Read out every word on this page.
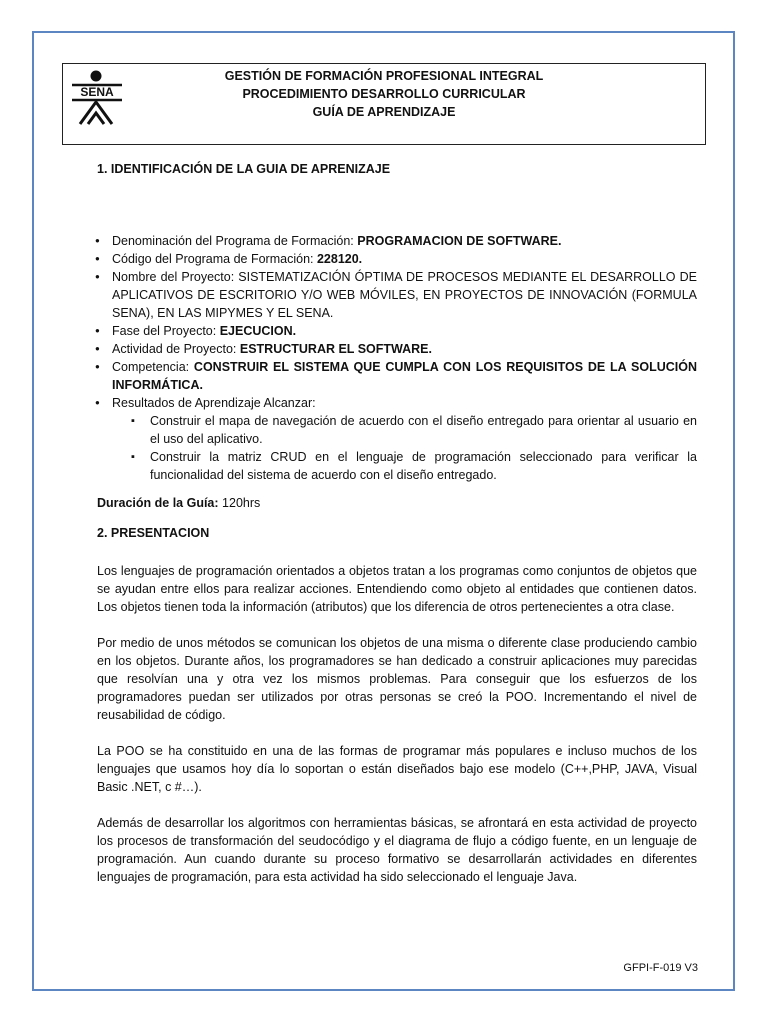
SENA
GESTIÓN DE FORMACIÓN PROFESIONAL INTEGRAL
PROCEDIMIENTO DESARROLLO CURRICULAR
GUÍA DE APRENDIZAJE

1. IDENTIFICACIÓN DE LA GUIA DE APRENIZAJE

● Denominación del Programa de Formación: PROGRAMACION DE SOFTWARE.
● Código del Programa de Formación: 228120.
● Nombre del Proyecto: SISTEMATIZACIÓN ÓPTIMA DE PROCESOS MEDIANTE EL DESARROLLO DE APLICATIVOS DE ESCRITORIO Y/O WEB MÓVILES, EN PROYECTOS DE INNOVACIÓN (FORMULA SENA), EN LAS MIPYMES Y EL SENA.
● Fase del Proyecto: EJECUCION.
● Actividad de Proyecto: ESTRUCTURAR EL SOFTWARE.
● Competencia: CONSTRUIR EL SISTEMA QUE CUMPLA CON LOS REQUISITOS DE LA SOLUCIÓN INFORMÁTICA.
● Resultados de Aprendizaje Alcanzar:
▪ Construir el mapa de navegación de acuerdo con el diseño entregado para orientar al usuario en el uso del aplicativo.
▪ Construir la matriz CRUD en el lenguaje de programación seleccionado para verificar la funcionalidad del sistema de acuerdo con el diseño entregado.

Duración de la Guía: 120hrs

2. PRESENTACION

Los lenguajes de programación orientados a objetos tratan a los programas como conjuntos de objetos que se ayudan entre ellos para realizar acciones. Entendiendo como objeto al entidades que contienen datos. Los objetos tienen toda la información (atributos) que los diferencia de otros pertenecientes a otra clase.

Por medio de unos métodos se comunican los objetos de una misma o diferente clase produciendo cambio en los objetos. Durante años, los programadores se han dedicado a construir aplicaciones muy parecidas que resolvían una y otra vez los mismos problemas. Para conseguir que los esfuerzos de los programadores puedan ser utilizados por otras personas se creó la POO. Incrementando el nivel de reusabilidad de código.

La POO se ha constituido en una de las formas de programar más populares e incluso muchos de los lenguajes que usamos hoy día lo soportan o están diseñados bajo ese modelo (C++,PHP, JAVA, Visual Basic .NET, c #…).

Además de desarrollar los algoritmos con herramientas básicas, se afrontará en esta actividad de proyecto los procesos de transformación del seudocódigo y el diagrama de flujo a código fuente, en un lenguaje de programación. Aun cuando durante su proceso formativo se desarrollarán actividades en diferentes lenguajes de programación, para esta actividad ha sido seleccionado el lenguaje Java.

GFPI-F-019 V3
